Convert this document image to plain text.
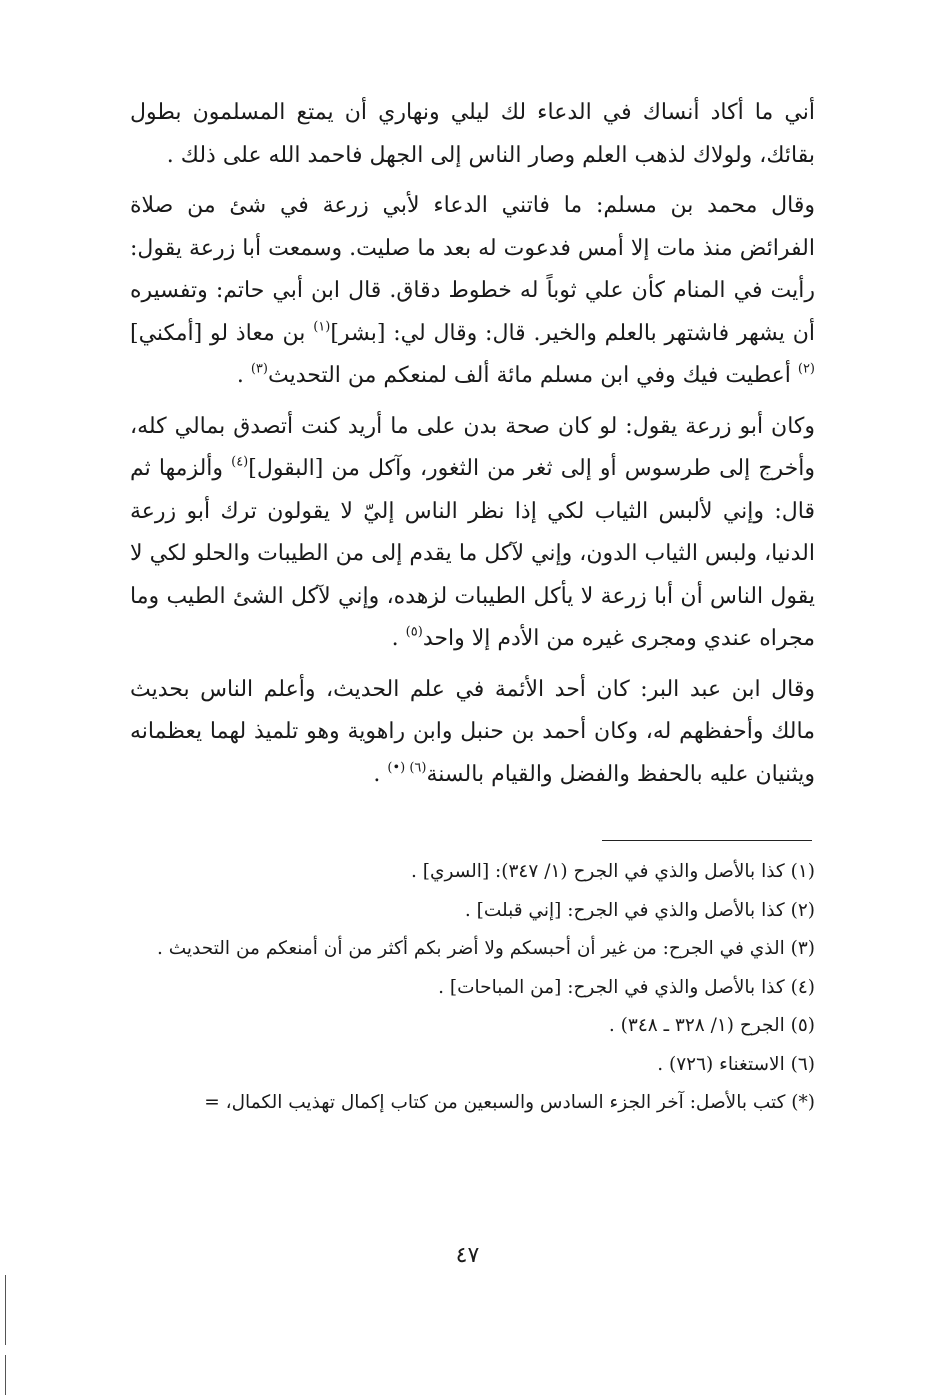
أني ما أكاد أنساك في الدعاء لك ليلي ونهاري أن يمتع المسلمون بطول بقائك، ولولاك لذهب العلم وصار الناس إلى الجهل فاحمد الله على ذلك .

وقال محمد بن مسلم: ما فاتني الدعاء لأبي زرعة في شئ من صلاة الفرائض منذ مات إلا أمس فدعوت له بعد ما صليت. وسمعت أبا زرعة يقول: رأيت في المنام كأن علي ثوباً له خطوط دقاق. قال ابن أبي حاتم: وتفسيره أن يشهر فاشتهر بالعلم والخير. قال: وقال لي: [بشر]$^{(١)}$ بن معاذ لو [أمكني]$^{(٢)}$ أعطيت فيك وفي ابن مسلم مائة ألف لمنعكم من التحديث$^{(٣)}$ .

وكان أبو زرعة يقول: لو كان صحة بدن على ما أريد كنت أتصدق بمالي كله، وأخرج إلى طرسوس أو إلى ثغر من الثغور، وآكل من [البقول]$^{(٤)}$ وألزمها ثم قال: وإني لألبس الثياب لكي إذا نظر الناس إليّ لا يقولون ترك أبو زرعة الدنيا، ولبس الثياب الدون، وإني لآكل ما يقدم إلى من الطيبات والحلو لكي لا يقول الناس أن أبا زرعة لا يأكل الطيبات لزهده، وإني لآكل الشئ الطيب وما مجراه عندي ومجرى غيره من الأدم إلا واحد$^{(٥)}$ .

وقال ابن عبد البر: كان أحد الأئمة في علم الحديث، وأعلم الناس بحديث مالك وأحفظهم له، وكان أحمد بن حنبل وابن راهوية وهو تلميذ لهما يعظمانه ويثنيان عليه بالحفظ والفضل والقيام بالسنة$^{(٦) (•)}$ .

(١) كذا بالأصل والذي في الجرح (١/ ٣٤٧): [السري] .

(٢) كذا بالأصل والذي في الجرح: [إني قبلت] .

(٣) الذي في الجرح: من غير أن أحبسكم ولا أضر بكم أكثر من أن أمنعكم من التحديث .

(٤) كذا بالأصل والذي في الجرح: [من المباحات] .

(٥) الجرح (١/ ٣٢٨ ـ ٣٤٨) .

(٦) الاستغناء (٧٢٦) .

(*) كتب بالأصل: آخر الجزء السادس والسبعين من كتاب إكمال تهذيب الكمال، =

٤٧
